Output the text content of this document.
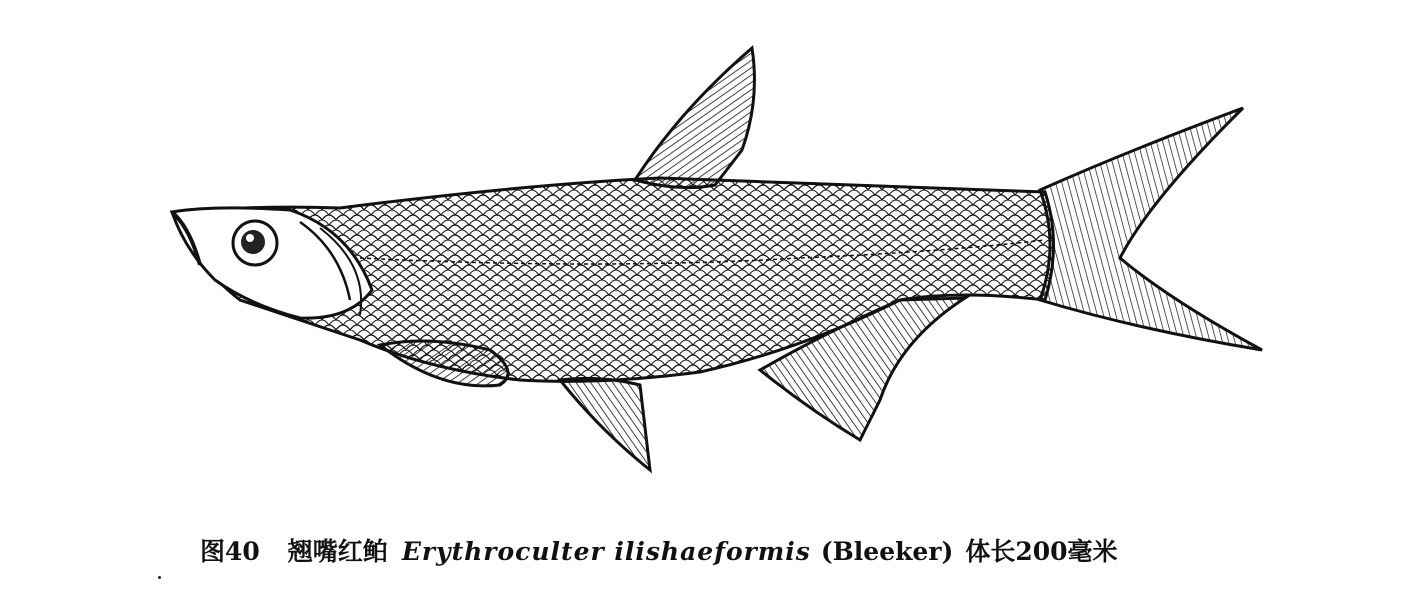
图40 翘嘴红鲌 Erythroculter ilishaeformis (Bleeker) 体长200毫米
